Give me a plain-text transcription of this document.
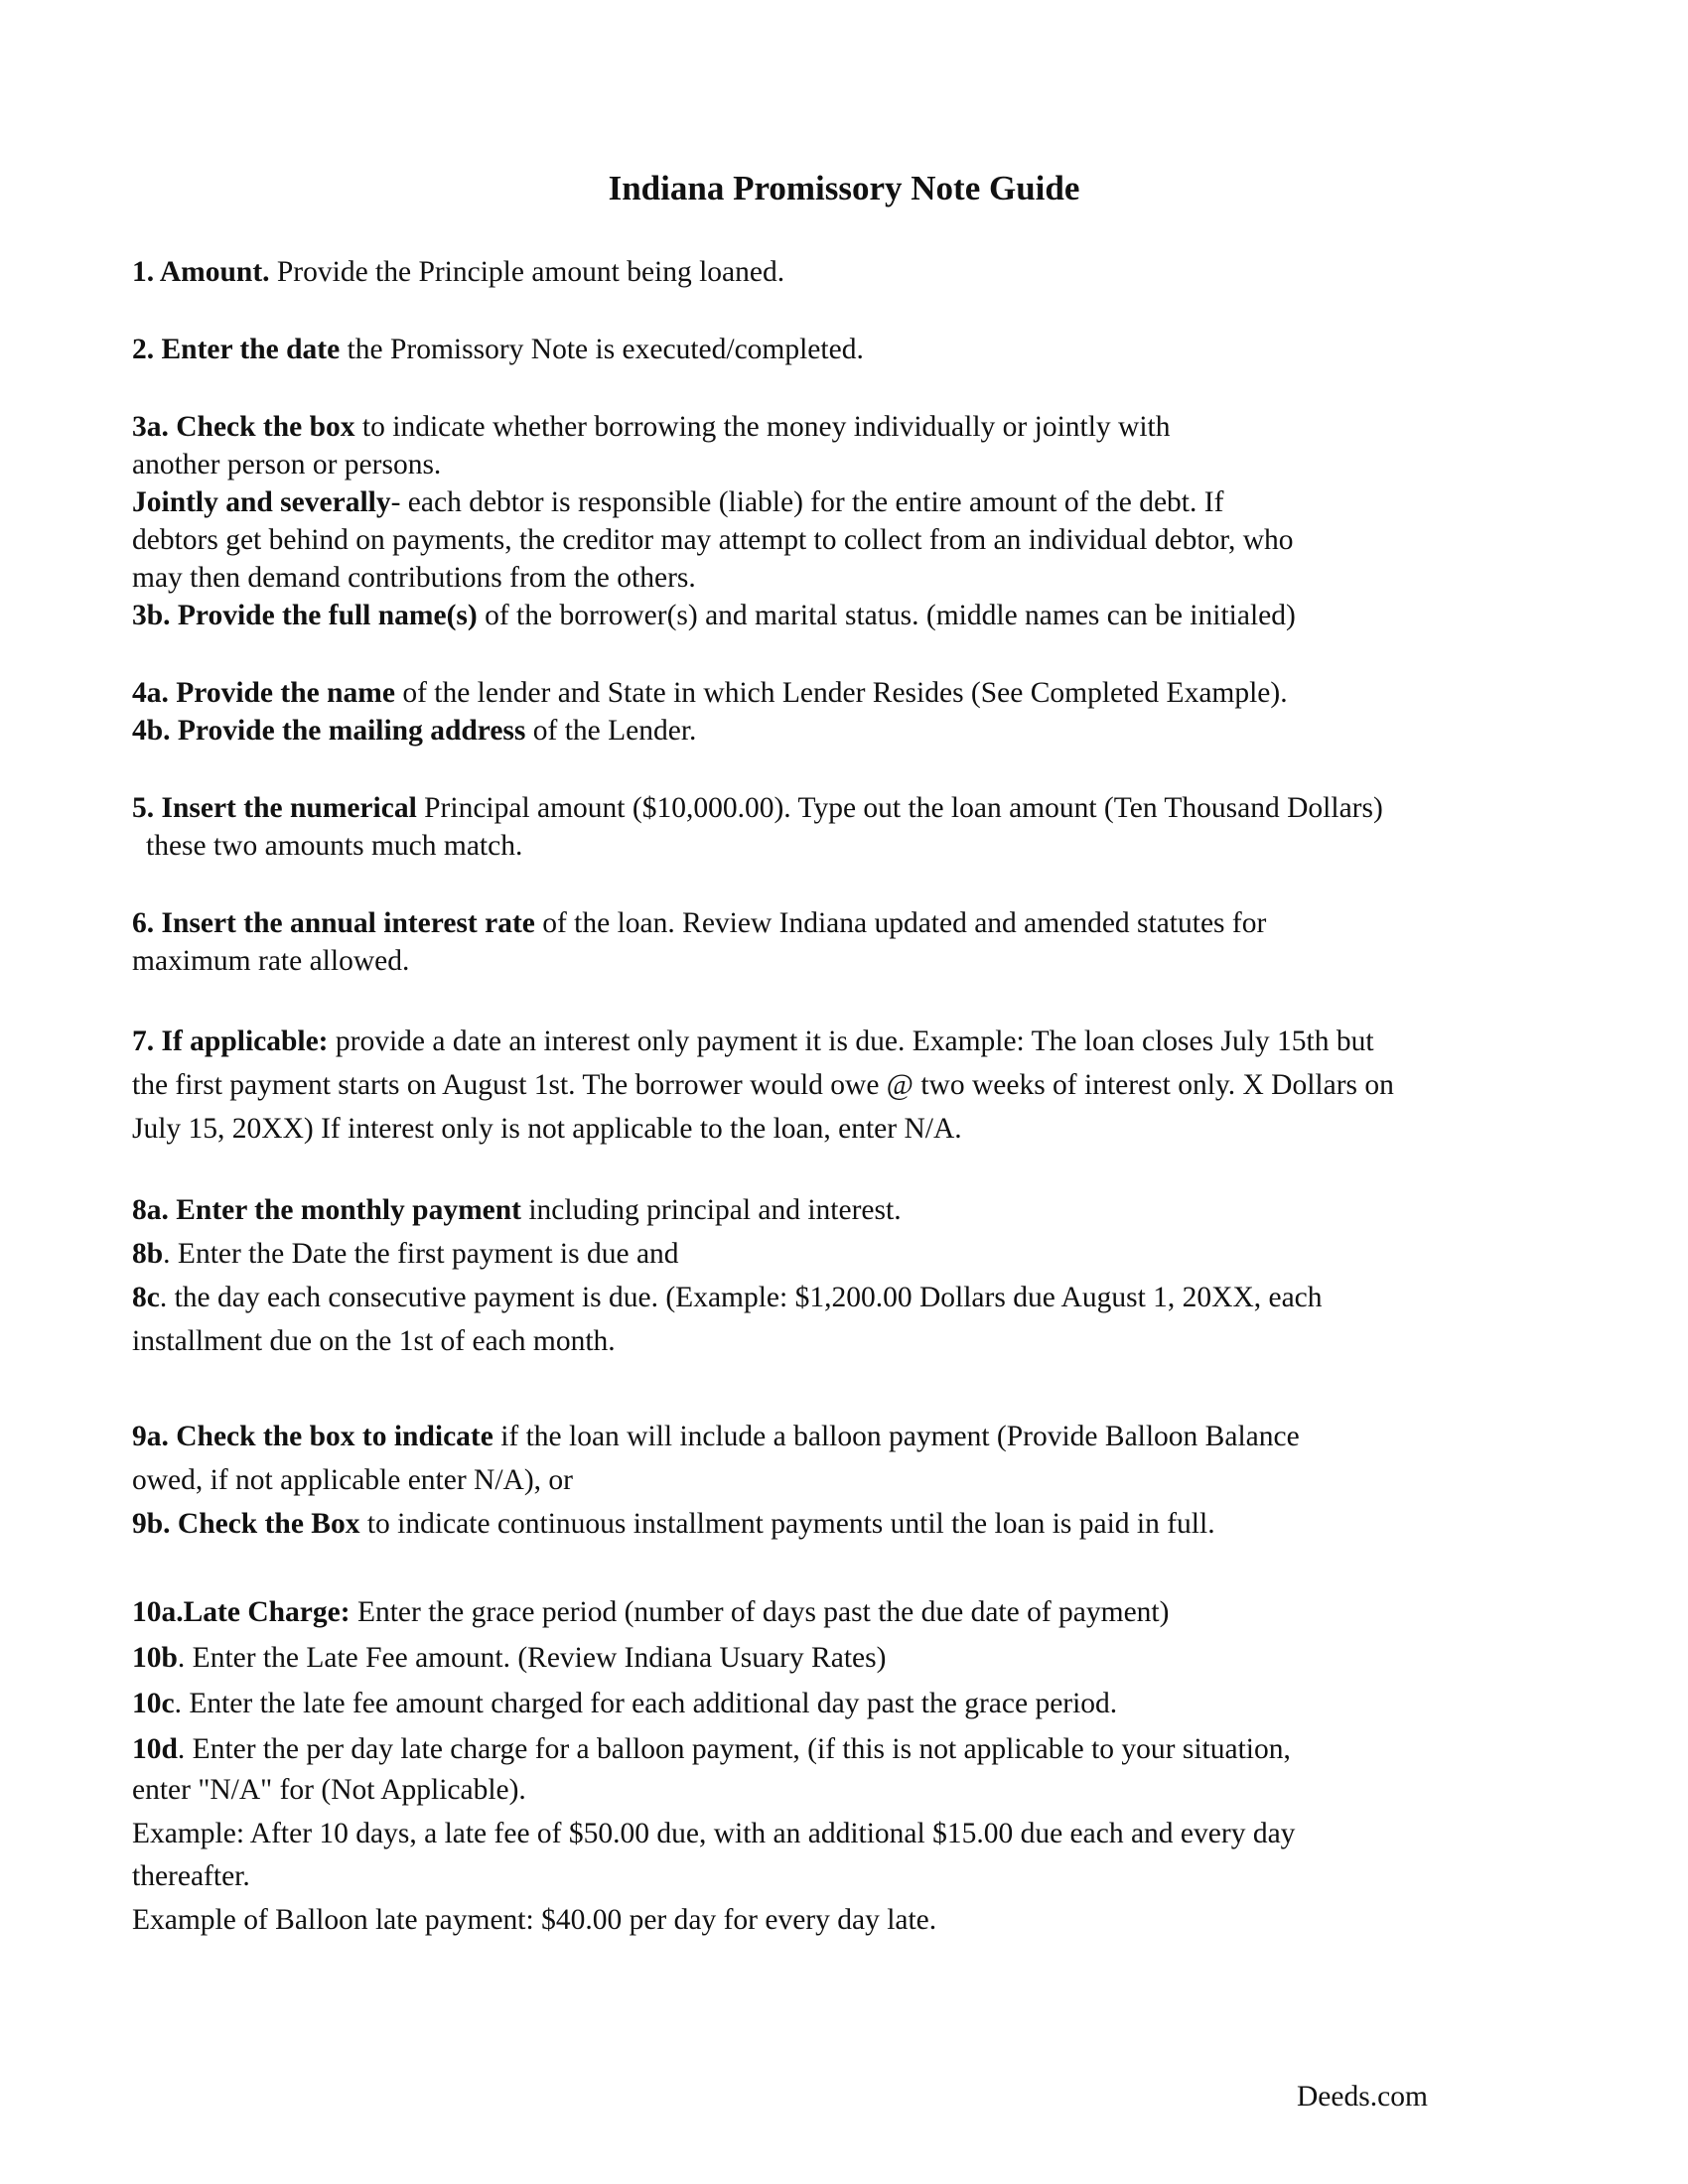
Indiana Promissory Note Guide
1. Amount. Provide the Principle amount being loaned.
2. Enter the date the Promissory Note is executed/completed.
3a. Check the box to indicate whether borrowing the money individually or jointly with
another person or persons.
Jointly and severally- each debtor is responsible (liable) for the entire amount of the debt. If
debtors get behind on payments, the creditor may attempt to collect from an individual debtor, who
may then demand contributions from the others.
3b. Provide the full name(s) of the borrower(s) and marital status. (middle names can be initialed)
4a. Provide the name of the lender and State in which Lender Resides (See Completed Example).
4b. Provide the mailing address of the Lender.
5. Insert the numerical Principal amount ($10,000.00). Type out the loan amount (Ten Thousand Dollars)
these two amounts much match.
6. Insert the annual interest rate of the loan. Review Indiana updated and amended statutes for
maximum rate allowed.
7. If applicable: provide a date an interest only payment it is due. Example: The loan closes July 15th but
the first payment starts on August 1st. The borrower would owe @ two weeks of interest only. X Dollars on
July 15, 20XX) If interest only is not applicable to the loan, enter N/A.
8a. Enter the monthly payment including principal and interest.
8b. Enter the Date the first payment is due and
8c. the day each consecutive payment is due. (Example: $1,200.00 Dollars due August 1, 20XX, each
installment due on the 1st of each month.
9a. Check the box to indicate if the loan will include a balloon payment (Provide Balloon Balance
owed, if not applicable enter N/A), or
9b. Check the Box to indicate continuous installment payments until the loan is paid in full.
10a.Late Charge: Enter the grace period (number of days past the due date of payment)
10b. Enter the Late Fee amount. (Review Indiana Usuary Rates)
10c. Enter the late fee amount charged for each additional day past the grace period.
10d. Enter the per day late charge for a balloon payment, (if this is not applicable to your situation,
enter "N/A" for (Not Applicable).
Example: After 10 days, a late fee of $50.00 due, with an additional $15.00 due each and every day
thereafter.
Example of Balloon late payment: $40.00 per day for every day late.
Deeds.com
